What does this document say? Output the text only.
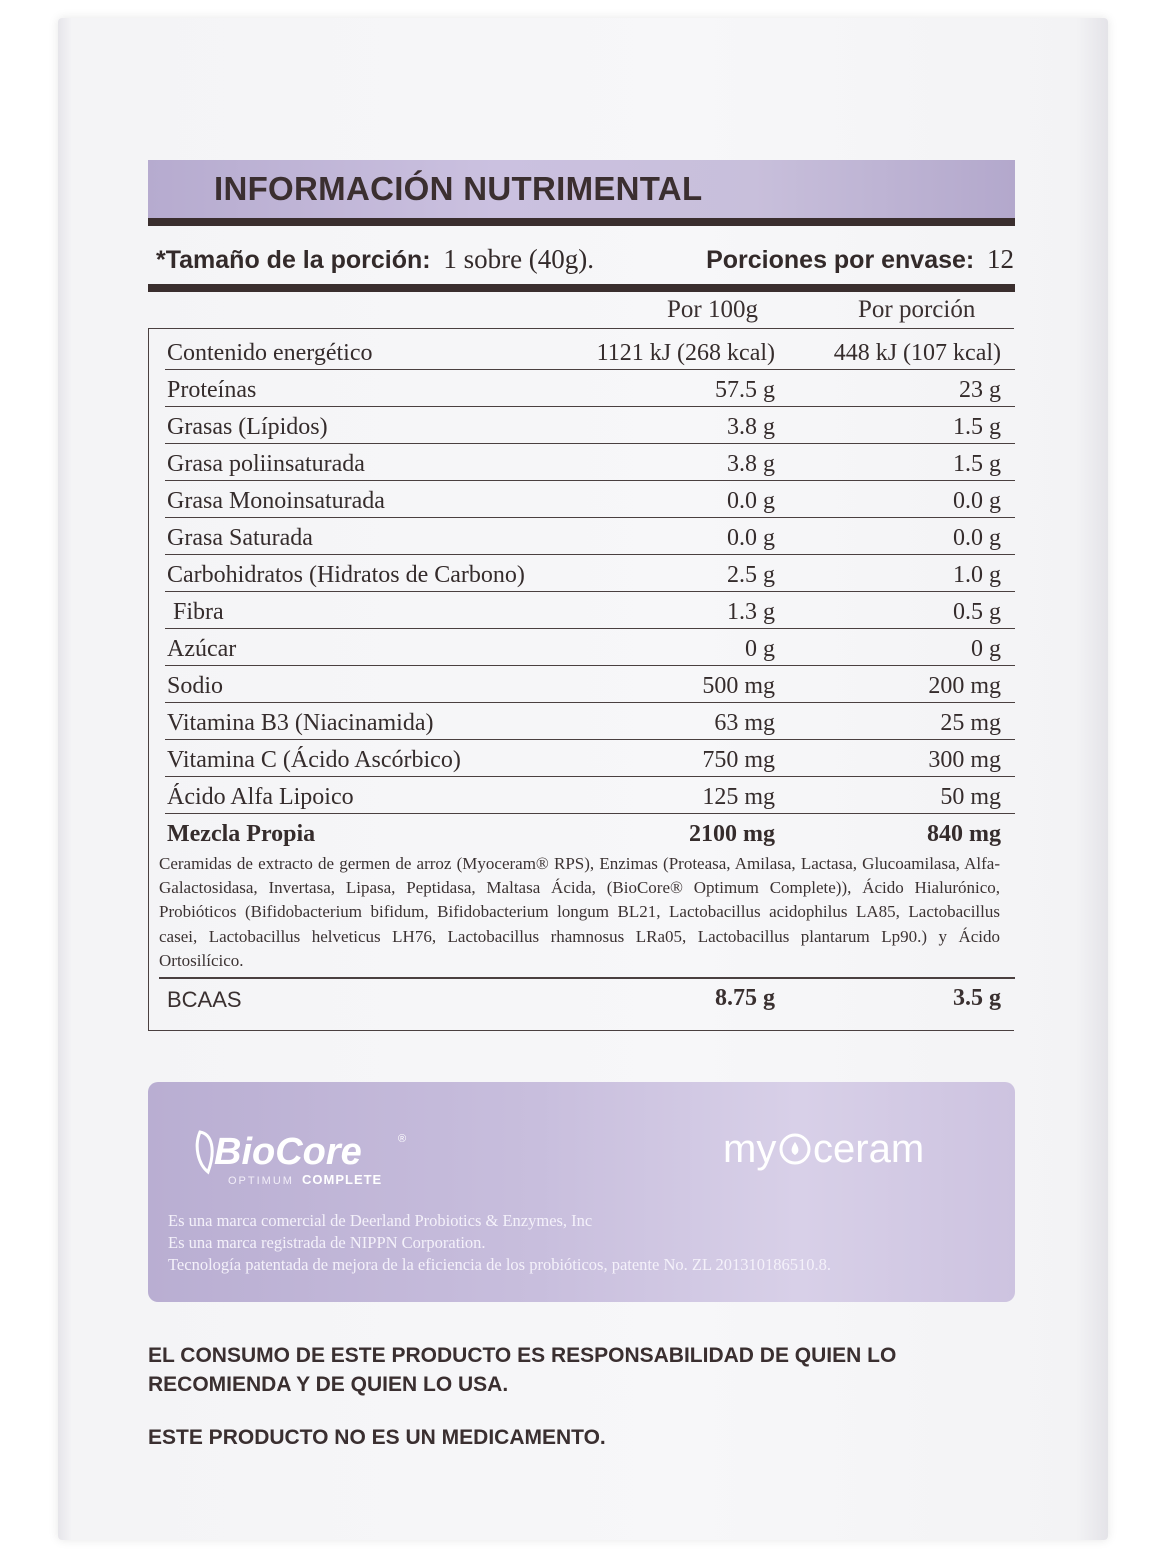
INFORMACIÓN NUTRIMENTAL
*Tamaño de la porción: 1 sobre (40g).	Porciones por envase: 12
Por 100g	Por porción
Contenido energético	1121 kJ (268 kcal) 448 kJ (107 kcal)
Proteínas	57.5 g	23 g
Grasas (Lípidos)	3.8 g	1.5 g
Grasa poliinsaturada	3.8 g	1.5 g
Grasa Monoinsaturada	0.0 g	0.0 g
Grasa Saturada	0.0 g	0.0 g
Carbohidratos (Hidratos de Carbono)	2.5 g	1.0 g
Fibra	1.3 g	0.5 g
Azúcar	0 g	0 g
Sodio	500 mg	200 mg
Vitamina B3 (Niacinamida)	63 mg	25 mg
Vitamina C (Ácido Ascórbico)	750 mg	300 mg
Ácido Alfa Lipoico	125 mg	50 mg
Mezcla Propia	2100 mg	840 mg
Ceramidas de extracto de germen de arroz (Myoceram® RPS), Enzimas (Proteasa, Amilasa, Lactasa, Glucoamilasa, Alfa-Galactosidasa, Invertasa, Lipasa, Peptidasa, Maltasa Ácida, (BioCore® Optimum Complete)), Ácido Hialurónico, Probióticos (Bifidobacterium bifidum, Bifidobacterium longum BL21, Lactobacillus acidophilus LA85, Lactobacillus casei, Lactobacillus helveticus LH76, Lactobacillus rhamnosus LRa05, Lactobacillus plantarum Lp90.) y Ácido Ortosilícico.
BCAAS	8.75 g	3.5 g
BioCore	®
OPTIMUM COMPLETE
my ceram
Es una marca comercial de Deerland Probiotics & Enzymes, Inc
Es una marca registrada de NIPPN Corporation.
Tecnología patentada de mejora de la eficiencia de los probióticos, patente No. ZL 201310186510.8.
EL CONSUMO DE ESTE PRODUCTO ES RESPONSABILIDAD DE QUIEN LO RECOMIENDA Y DE QUIEN LO USA.
ESTE PRODUCTO NO ES UN MEDICAMENTO.
